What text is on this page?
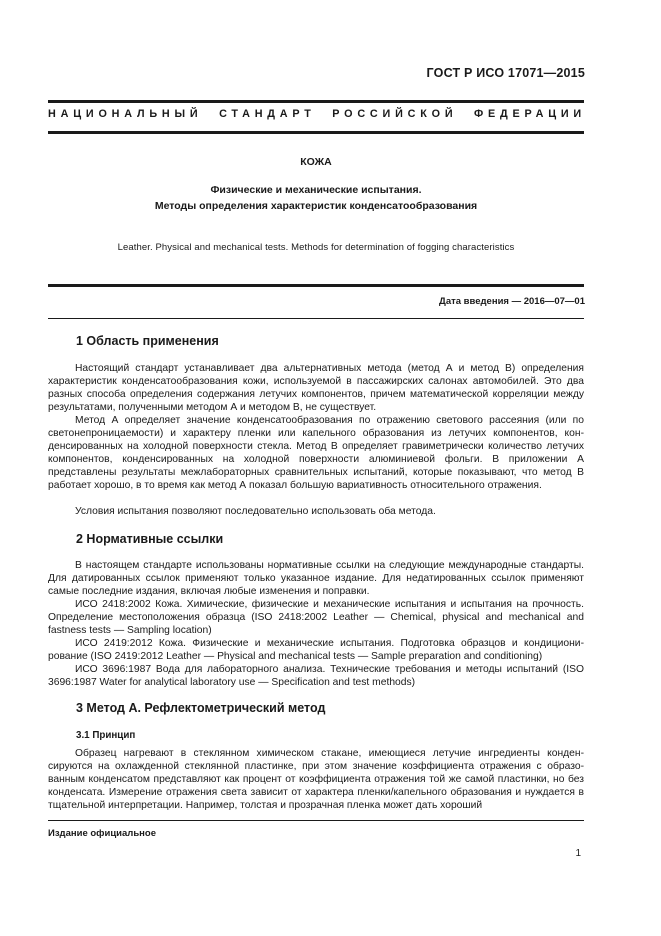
ГОСТ Р ИСО 17071—2015
НАЦИОНАЛЬНЫЙ СТАНДАРТ РОССИЙСКОЙ ФЕДЕРАЦИИ
КОЖА
Физические и механические испытания.
Методы определения характеристик конденсатообразования
Leather. Physical and mechanical tests. Methods for determination of fogging characteristics
Дата введения — 2016—07—01
1 Область применения
Настоящий стандарт устанавливает два альтернативных метода (метод А и метод В) определения характеристик конденсатообразования кожи, используемой в пассажирских салонах автомобилей. Это два разных способа определения содержания летучих компонентов, причем математической корреляции между результатами, полученными методом А и методом В, не существует.
Метод А определяет значение конденсатообразования по отражению светового рассеяния (или по светонепроницаемости) и характеру пленки или капельного образования из летучих компонентов, конденсированных на холодной поверхности стекла. Метод В определяет гравиметрически количество летучих компонентов, конденсированных на холодной поверхности алюминиевой фольги. В приложении А представлены результаты межлабораторных сравнительных испытаний, которые показывают, что метод В работает хорошо, в то время как метод А показал большую вариативность относительного отражения.
Условия испытания позволяют последовательно использовать оба метода.
2 Нормативные ссылки
В настоящем стандарте использованы нормативные ссылки на следующие международные стандарты. Для датированных ссылок применяют только указанное издание. Для недатированных ссылок применяют самые последние издания, включая любые изменения и поправки.
ИСО 2418:2002 Кожа. Химические, физические и механические испытания и испытания на прочность. Определение местоположения образца (ISO 2418:2002 Leather — Chemical, physical and mechanical and fastness tests — Sampling location)
ИСО 2419:2012 Кожа. Физические и механические испытания. Подготовка образцов и кондиционирование (ISO 2419:2012 Leather — Physical and mechanical tests — Sample preparation and conditioning)
ИСО 3696:1987 Вода для лабораторного анализа. Технические требования и методы испытаний (ISO 3696:1987 Water for analytical laboratory use — Specification and test methods)
3 Метод А. Рефлектометрический метод
3.1 Принцип
Образец нагревают в стеклянном химическом стакане, имеющиеся летучие ингредиенты конденсируются на охлажденной стеклянной пластинке, при этом значение коэффициента отражения с образованным конденсатом представляют как процент от коэффициента отражения той же самой пластинки, но без конденсата. Измерение отражения света зависит от характера пленки/капельного образования и нуждается в тщательной интерпретации. Например, толстая и прозрачная пленка может дать хороший
Издание официальное
1
